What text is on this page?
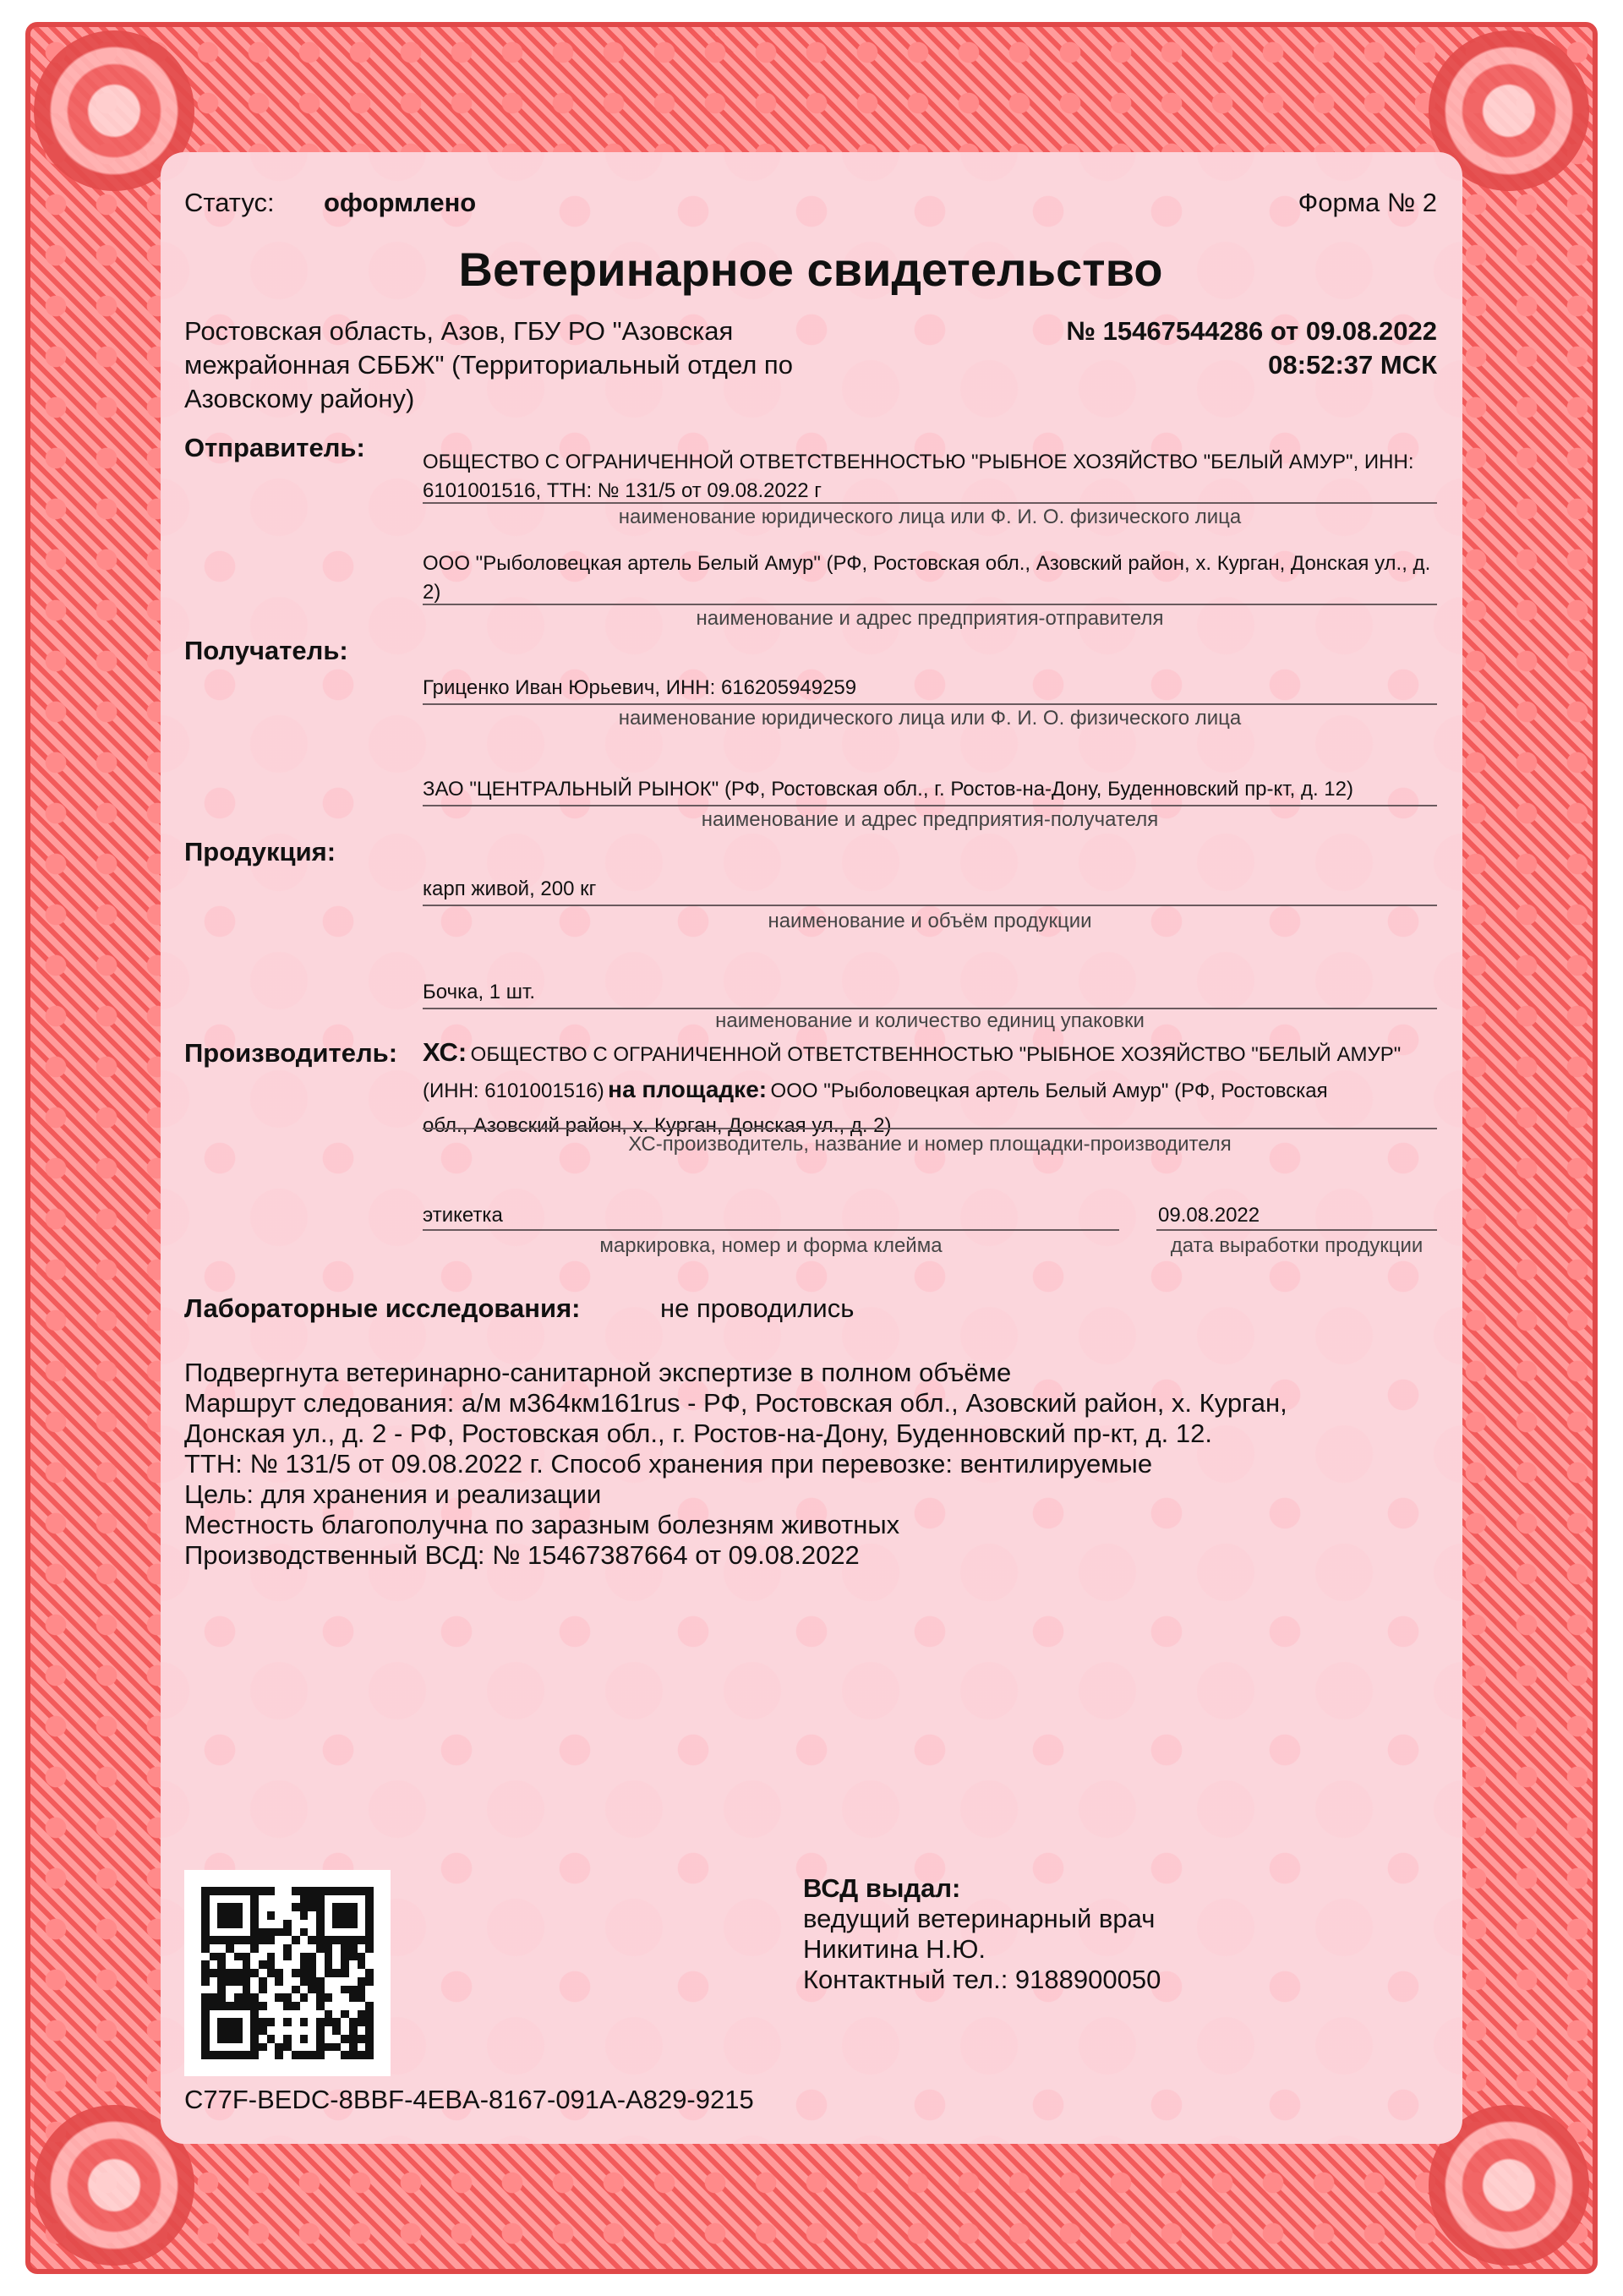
Статус: оформлено	Форма № 2
Ветеринарное свидетельство
Ростовская область, Азов, ГБУ РО "Азовская межрайонная СББЖ" (Территориальный отдел по Азовскому району)
№ 15467544286 от 09.08.2022
08:52:37 МСК
Отправитель:	ОБЩЕСТВО С ОГРАНИЧЕННОЙ ОТВЕТСТВЕННОСТЬЮ "РЫБНОЕ ХОЗЯЙСТВО "БЕЛЫЙ АМУР", ИНН: 6101001516, ТТН: № 131/5 от 09.08.2022 г
наименование юридического лица или Ф. И. О. физического лица
ООО "Рыболовецкая артель Белый Амур" (РФ, Ростовская обл., Азовский район, х. Курган, Донская ул., д. 2)
наименование и адрес предприятия-отправителя
Получатель:
Гриценко Иван Юрьевич, ИНН: 616205949259
наименование юридического лица или Ф. И. О. физического лица
ЗАО "ЦЕНТРАЛЬНЫЙ РЫНОК" (РФ, Ростовская обл., г. Ростов-на-Дону, Буденновский пр-кт, д. 12)
наименование и адрес предприятия-получателя
Продукция:
карп живой, 200 кг
наименование и объём продукции
Бочка, 1 шт.
наименование и количество единиц упаковки
Производитель: ХС: ОБЩЕСТВО С ОГРАНИЧЕННОЙ ОТВЕТСТВЕННОСТЬЮ "РЫБНОЕ ХОЗЯЙСТВО "БЕЛЫЙ АМУР"
(ИНН: 6101001516) на площадке: ООО "Рыболовецкая артель Белый Амур" (РФ, Ростовская
обл., Азовский район, х. Курган, Донская ул., д. 2)
ХС-производитель, название и номер площадки-производителя
этикетка
маркировка, номер и форма клейма
09.08.2022
дата выработки продукции
Лабораторные исследования:	не проводились
Подвергнута ветеринарно-санитарной экспертизе в полном объёме
Маршрут следования: а/м м364км161rus - РФ, Ростовская обл., Азовский район, х. Курган,
Донская ул., д. 2 - РФ, Ростовская обл., г. Ростов-на-Дону, Буденновский пр-кт, д. 12.
ТТН: № 131/5 от 09.08.2022 г. Способ хранения при перевозке: вентилируемые
Цель: для хранения и реализации
Местность благополучна по заразным болезням животных
Производственный ВСД: № 15467387664 от 09.08.2022
ВСД выдал:
ведущий ветеринарный врач
Никитина Н.Ю.
Контактный тел.: 9188900050
C77F-BEDC-8BBF-4EBA-8167-091A-A829-9215
